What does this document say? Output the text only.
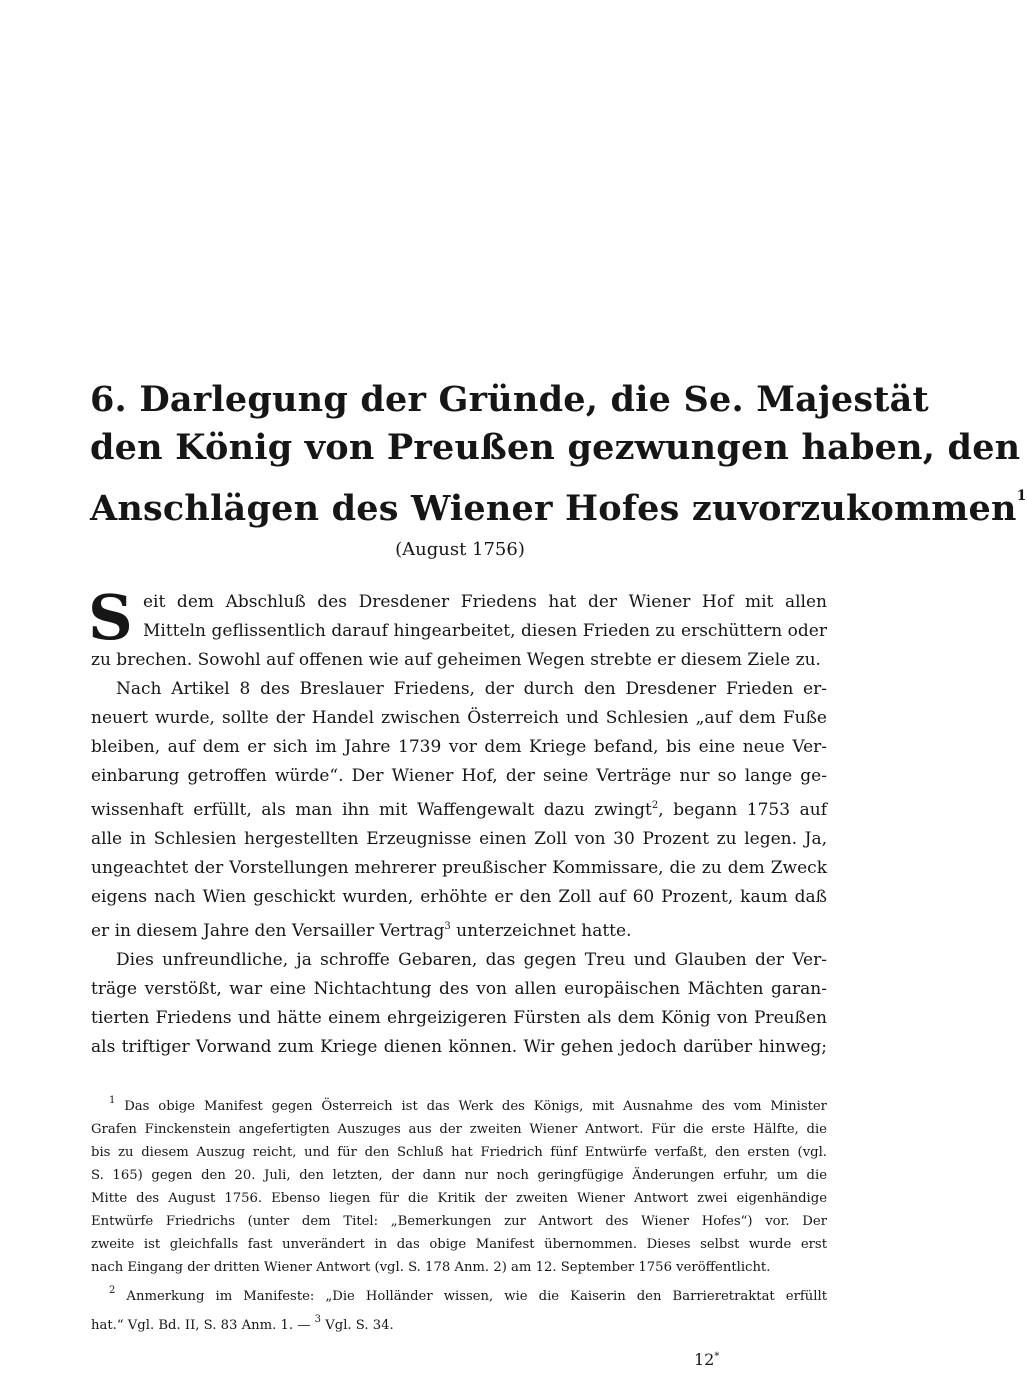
6. Darlegung der Gründe, die Se. Majestät
den König von Preußen gezwungen haben, den
Anschlägen des Wiener Hofes zuvorzukommen$^1$
(August 1756)
S eit dem Abschluß des Dresdener Friedens hat der Wiener Hof mit allen
Mitteln geflissentlich darauf hingearbeitet, diesen Frieden zu erschüttern oder
zu brechen. Sowohl auf offenen wie auf geheimen Wegen strebte er diesem Ziele zu.
Nach Artikel 8 des Breslauer Friedens, der durch den Dresdener Frieden er-
neuert wurde, sollte der Handel zwischen Österreich und Schlesien „auf dem Fuße
bleiben, auf dem er sich im Jahre 1739 vor dem Kriege befand, bis eine neue Ver-
einbarung getroffen würde“. Der Wiener Hof, der seine Verträge nur so lange ge-
wissenhaft erfüllt, als man ihn mit Waffengewalt dazu zwingt$^2$, begann 1753 auf
alle in Schlesien hergestellten Erzeugnisse einen Zoll von 30 Prozent zu legen. Ja,
ungeachtet der Vorstellungen mehrerer preußischer Kommissare, die zu dem Zweck
eigens nach Wien geschickt wurden, erhöhte er den Zoll auf 60 Prozent, kaum daß
er in diesem Jahre den Versailler Vertrag$^3$ unterzeichnet hatte.
Dies unfreundliche, ja schroffe Gebaren, das gegen Treu und Glauben der Ver-
träge verstößt, war eine Nichtachtung des von allen europäischen Mächten garan-
tierten Friedens und hätte einem ehrgeizigeren Fürsten als dem König von Preußen
als triftiger Vorwand zum Kriege dienen können. Wir gehen jedoch darüber hinweg;
$^1$ Das obige Manifest gegen Österreich ist das Werk des Königs, mit Ausnahme des vom Minister
Grafen Finckenstein angefertigten Auszuges aus der zweiten Wiener Antwort. Für die erste Hälfte, die
bis zu diesem Auszug reicht, und für den Schluß hat Friedrich fünf Entwürfe verfaßt, den ersten (vgl.
S. 165) gegen den 20. Juli, den letzten, der dann nur noch geringfügige Änderungen erfuhr, um die
Mitte des August 1756. Ebenso liegen für die Kritik der zweiten Wiener Antwort zwei eigenhändige
Entwürfe Friedrichs (unter dem Titel: „Bemerkungen zur Antwort des Wiener Hofes“) vor. Der
zweite ist gleichfalls fast unverändert in das obige Manifest übernommen. Dieses selbst wurde erst
nach Eingang der dritten Wiener Antwort (vgl. S. 178 Anm. 2) am 12. September 1756 veröffentlicht.
$^2$ Anmerkung im Manifeste: „Die Holländer wissen, wie die Kaiserin den Barrieretraktat erfüllt
hat.“ Vgl. Bd. II, S. 83 Anm. 1. — $^3$ Vgl. S. 34.
12*
